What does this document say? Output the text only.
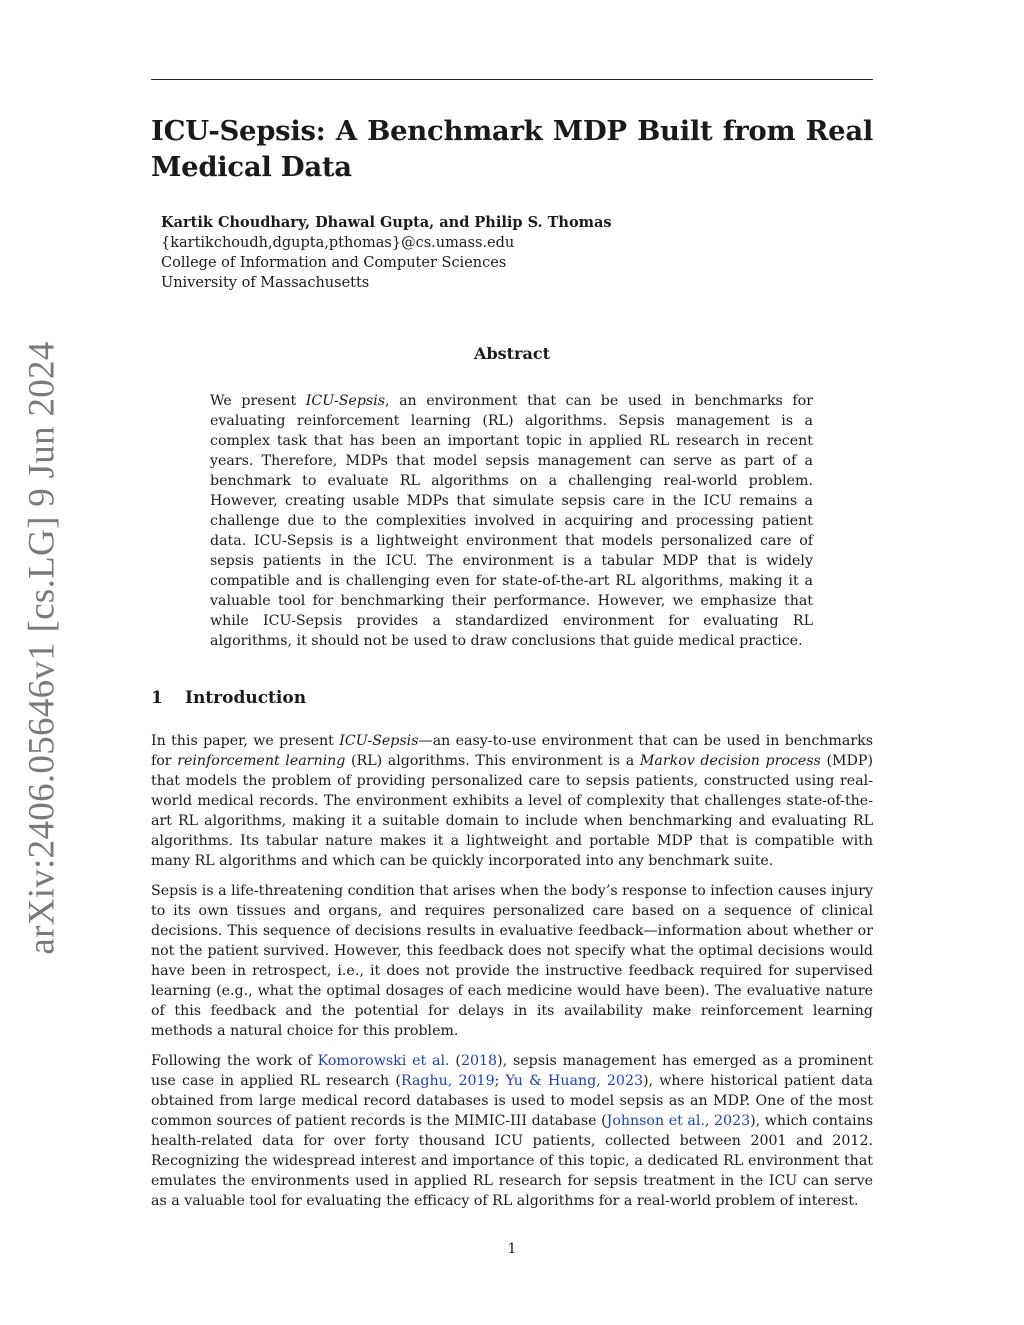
arXiv:2406.05646v1 [cs.LG] 9 Jun 2024
ICU-Sepsis: A Benchmark MDP Built from Real
Medical Data
Kartik Choudhary, Dhawal Gupta, and Philip S. Thomas
{kartikchoudh,dgupta,pthomas}@cs.umass.edu
College of Information and Computer Sciences
University of Massachusetts
Abstract

We present ICU-Sepsis, an environment that can be used in benchmarks for evaluating reinforcement learning (RL) algorithms. Sepsis management is a complex task that has been an important topic in applied RL research in recent years. Therefore, MDPs that model sepsis management can serve as part of a benchmark to evaluate RL algorithms on a challenging real-world problem. However, creating usable MDPs that simulate sepsis care in the ICU remains a challenge due to the complexities involved in acquiring and processing patient data. ICU-Sepsis is a lightweight environment that models personalized care of sepsis patients in the ICU. The environment is a tabular MDP that is widely compatible and is challenging even for state-of-the-art RL algorithms, making it a valuable tool for benchmarking their performance. However, we emphasize that while ICU-Sepsis provides a standardized environment for evaluating RL algorithms, it should not be used to draw conclusions that guide medical practice.

1 Introduction

In this paper, we present ICU-Sepsis—an easy-to-use environment that can be used in benchmarks for reinforcement learning (RL) algorithms. This environment is a Markov decision process (MDP) that models the problem of providing personalized care to sepsis patients, constructed using real-world medical records. The environment exhibits a level of complexity that challenges state-of-the-art RL algorithms, making it a suitable domain to include when benchmarking and evaluating RL algorithms. Its tabular nature makes it a lightweight and portable MDP that is compatible with many RL algorithms and which can be quickly incorporated into any benchmark suite.

Sepsis is a life-threatening condition that arises when the body’s response to infection causes injury to its own tissues and organs, and requires personalized care based on a sequence of clinical decisions. This sequence of decisions results in evaluative feedback—information about whether or not the patient survived. However, this feedback does not specify what the optimal decisions would have been in retrospect, i.e., it does not provide the instructive feedback required for supervised learning (e.g., what the optimal dosages of each medicine would have been). The evaluative nature of this feedback and the potential for delays in its availability make reinforcement learning methods a natural choice for this problem.

Following the work of Komorowski et al. (2018), sepsis management has emerged as a prominent use case in applied RL research (Raghu, 2019; Yu & Huang, 2023), where historical patient data obtained from large medical record databases is used to model sepsis as an MDP. One of the most common sources of patient records is the MIMIC-III database (Johnson et al., 2023), which contains health-related data for over forty thousand ICU patients, collected between 2001 and 2012. Recognizing the widespread interest and importance of this topic, a dedicated RL environment that emulates the environments used in applied RL research for sepsis treatment in the ICU can serve as a valuable tool for evaluating the efficacy of RL algorithms for a real-world problem of interest.

1
